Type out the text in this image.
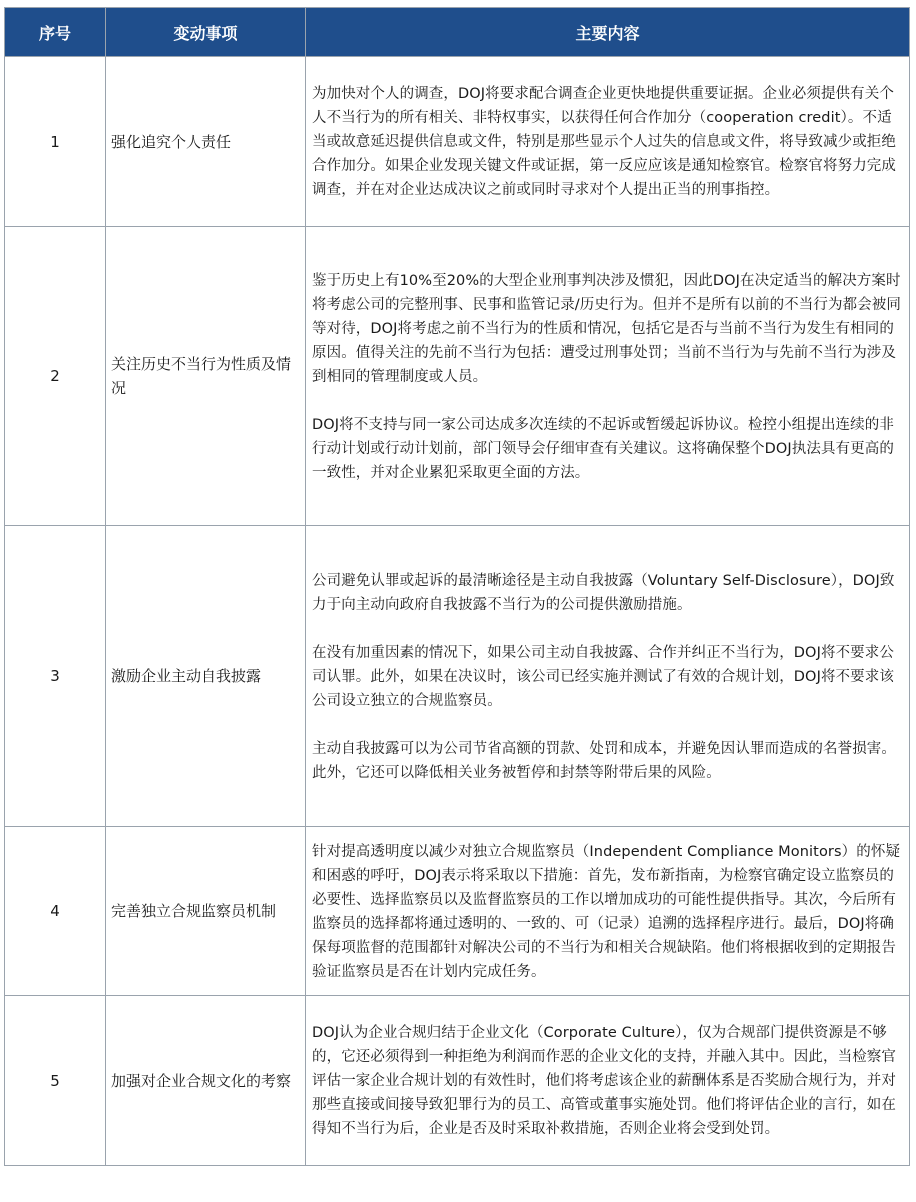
序号	变动事项	主要内容
1	强化追究个人责任	为加快对个人的调查，DOJ将要求配合调查企业更快地提供重要证据。企业必须提供有关个人不当行为的所有相关、非特权事实，以获得任何合作加分（cooperation credit）。不适当或故意延迟提供信息或文件，特别是那些显示个人过失的信息或文件，将导致减少或拒绝合作加分。如果企业发现关键文件或证据，第一反应应该是通知检察官。检察官将努力完成调查，并在对企业达成决议之前或同时寻求对个人提出正当的刑事指控。

2	关注历史不当行为性质及情况	鉴于历史上有10%至20%的大型企业刑事判决涉及惯犯，因此DOJ在决定适当的解决方案时将考虑公司的完整刑事、民事和监管记录/历史行为。但并不是所有以前的不当行为都会被同等对待，DOJ将考虑之前不当行为的性质和情况，包括它是否与当前不当行为发生有相同的原因。值得关注的先前不当行为包括：遭受过刑事处罚；当前不当行为与先前不当行为涉及到相同的管理制度或人员。

DOJ将不支持与同一家公司达成多次连续的不起诉或暂缓起诉协议。检控小组提出连续的非行动计划或行动计划前，部门领导会仔细审查有关建议。这将确保整个DOJ执法具有更高的一致性，并对企业累犯采取更全面的方法。

3	激励企业主动自我披露	公司避免认罪或起诉的最清晰途径是主动自我披露（Voluntary Self-Disclosure），DOJ致力于向主动向政府自我披露不当行为的公司提供激励措施。

在没有加重因素的情况下，如果公司主动自我披露、合作并纠正不当行为，DOJ将不要求公司认罪。此外，如果在决议时，该公司已经实施并测试了有效的合规计划，DOJ将不要求该公司设立独立的合规监察员。

主动自我披露可以为公司节省高额的罚款、处罚和成本，并避免因认罪而造成的名誉损害。此外，它还可以降低相关业务被暂停和封禁等附带后果的风险。

4	完善独立合规监察员机制	针对提高透明度以减少对独立合规监察员（Independent Compliance Monitors）的怀疑和困惑的呼吁，DOJ表示将采取以下措施：首先，发布新指南，为检察官确定设立监察员的必要性、选择监察员以及监督监察员的工作以增加成功的可能性提供指导。其次，今后所有监察员的选择都将通过透明的、一致的、可（记录）追溯的选择程序进行。最后，DOJ将确保每项监督的范围都针对解决公司的不当行为和相关合规缺陷。他们将根据收到的定期报告验证监察员是否在计划内完成任务。

5	加强对企业合规文化的考察	DOJ认为企业合规归结于企业文化（Corporate Culture），仅为合规部门提供资源是不够的，它还必须得到一种拒绝为利润而作恶的企业文化的支持，并融入其中。因此，当检察官评估一家企业合规计划的有效性时，他们将考虑该企业的薪酬体系是否奖励合规行为，并对那些直接或间接导致犯罪行为的员工、高管或董事实施处罚。他们将评估企业的言行，如在得知不当行为后，企业是否及时采取补救措施，否则企业将会受到处罚。
